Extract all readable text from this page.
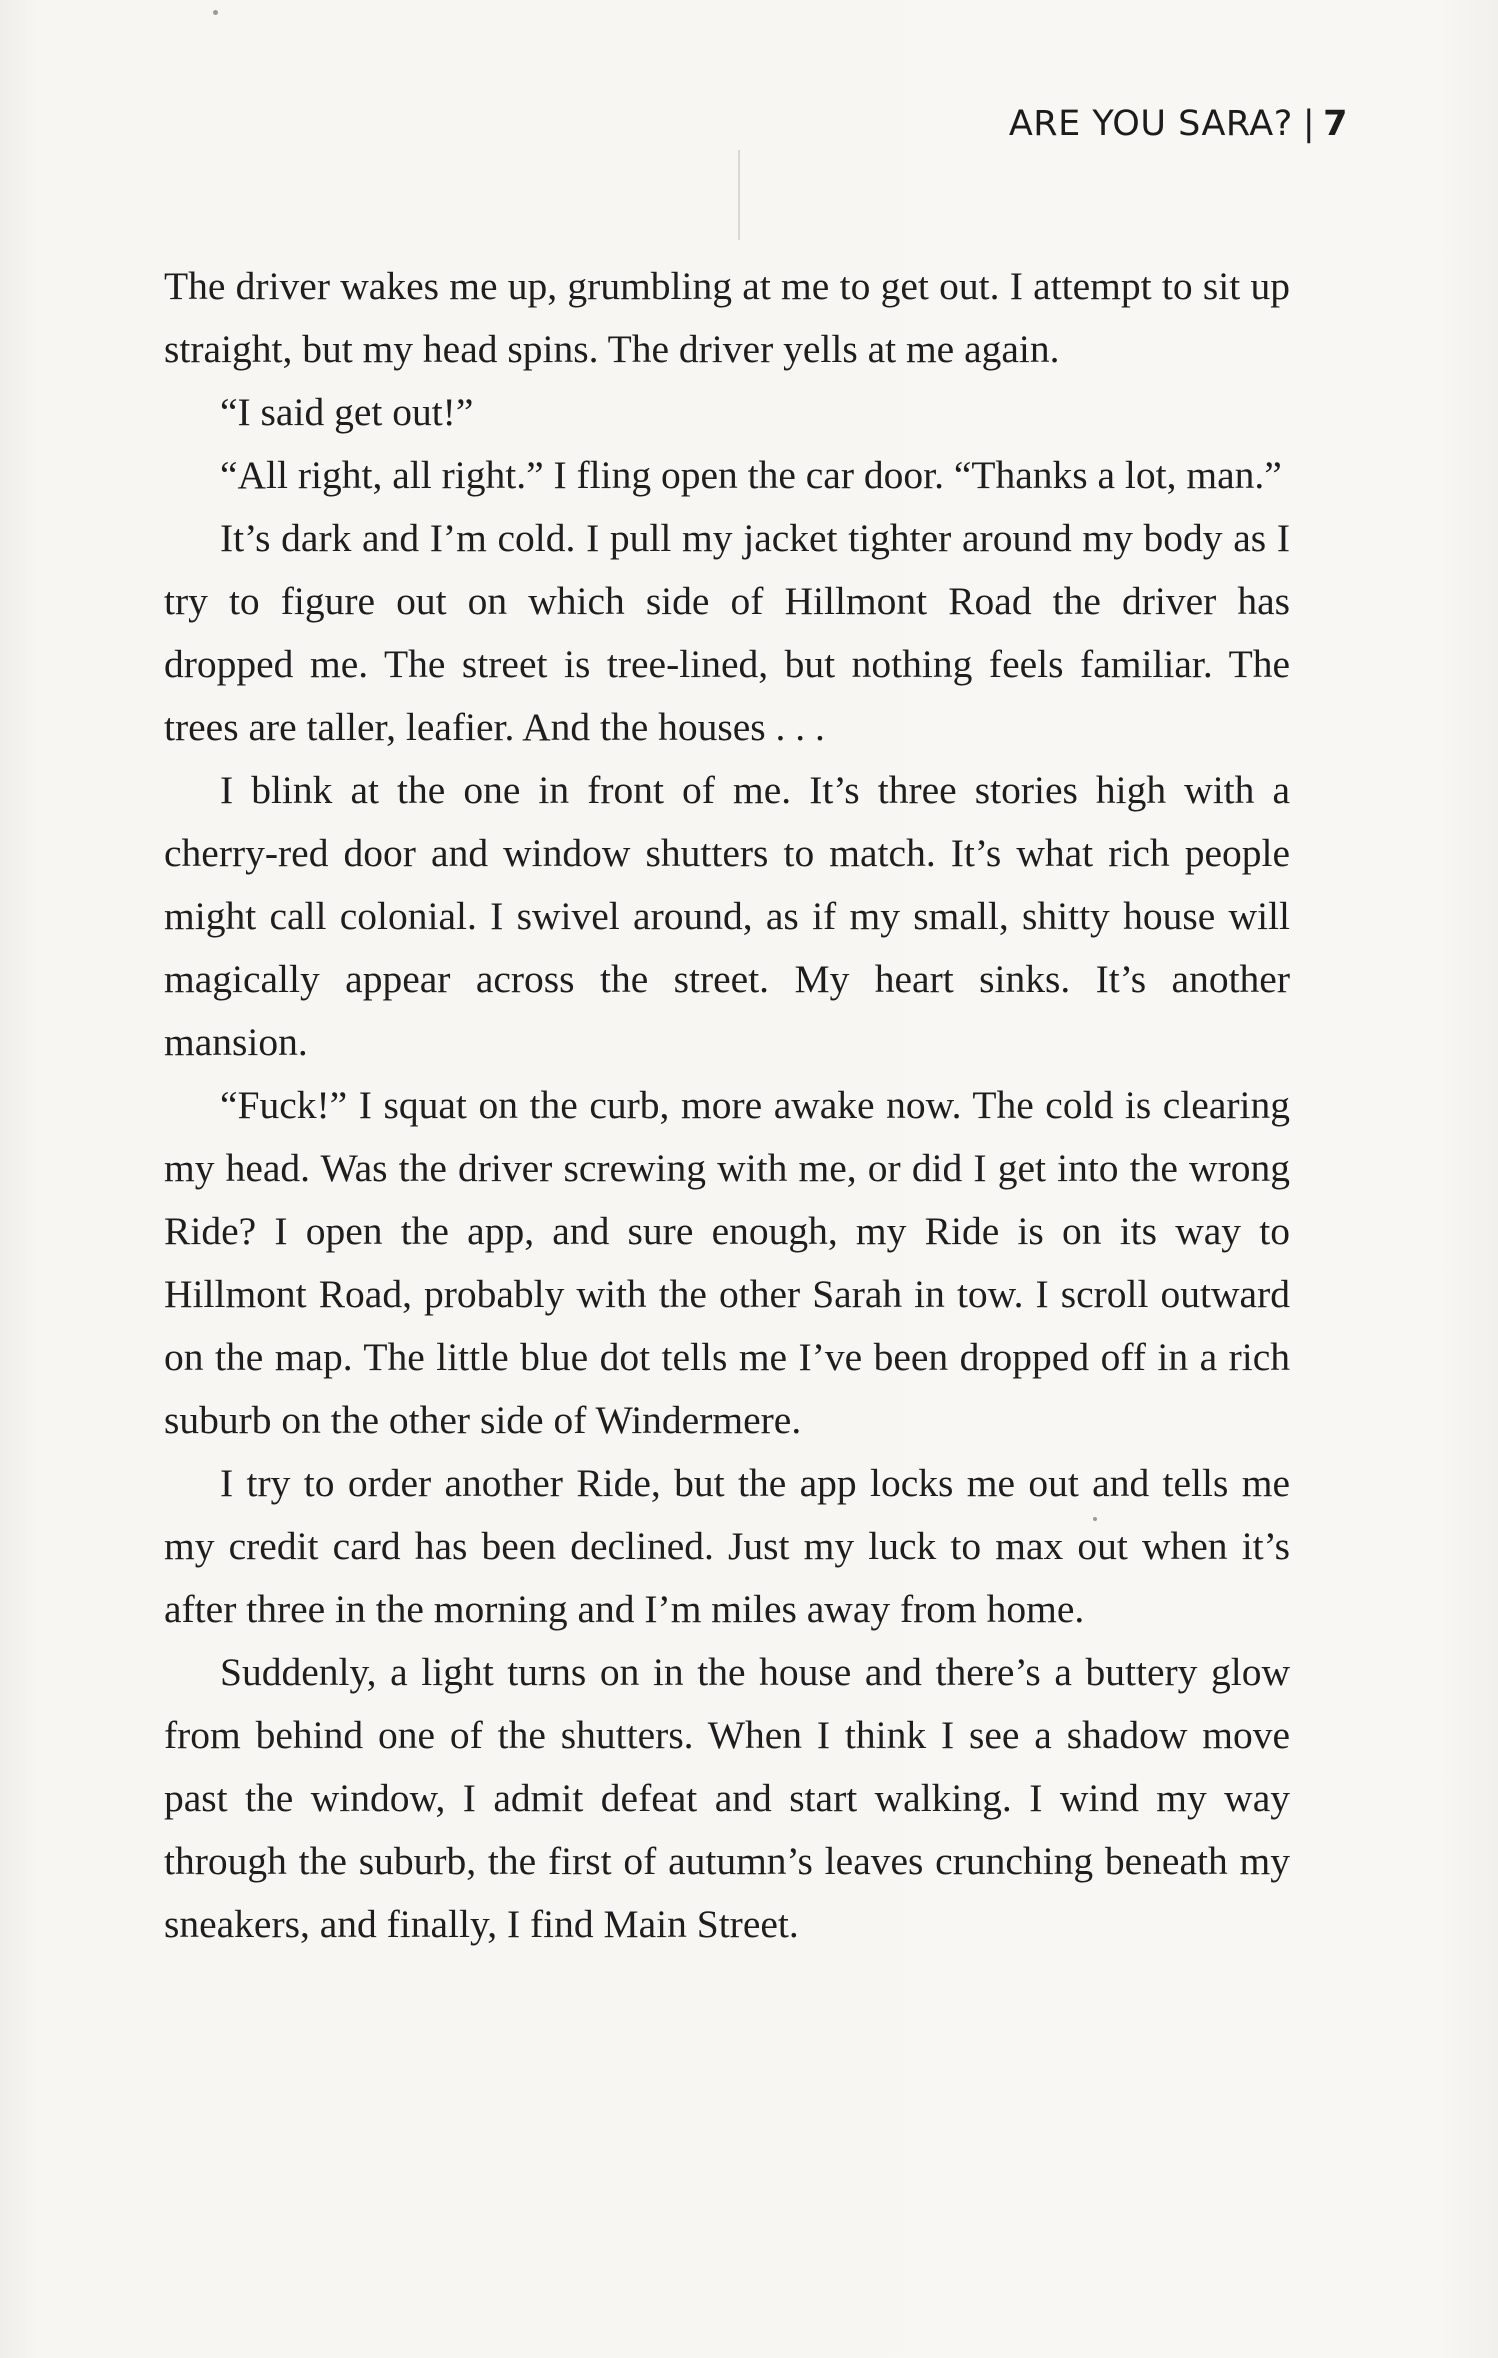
ARE YOU SARA? | 7

The driver wakes me up, grumbling at me to get out. I attempt to sit up straight, but my head spins. The driver yells at me again.

“I said get out!”

“All right, all right.” I fling open the car door. “Thanks a lot, man.”

It’s dark and I’m cold. I pull my jacket tighter around my body as I try to figure out on which side of Hillmont Road the driver has dropped me. The street is tree-lined, but nothing feels familiar. The trees are taller, leafier. And the houses . . .

I blink at the one in front of me. It’s three stories high with a cherry-red door and window shutters to match. It’s what rich people might call colonial. I swivel around, as if my small, shitty house will magically appear across the street. My heart sinks. It’s another mansion.

“Fuck!” I squat on the curb, more awake now. The cold is clearing my head. Was the driver screwing with me, or did I get into the wrong Ride? I open the app, and sure enough, my Ride is on its way to Hillmont Road, probably with the other Sarah in tow. I scroll outward on the map. The little blue dot tells me I’ve been dropped off in a rich suburb on the other side of Windermere.

I try to order another Ride, but the app locks me out and tells me my credit card has been declined. Just my luck to max out when it’s after three in the morning and I’m miles away from home.

Suddenly, a light turns on in the house and there’s a buttery glow from behind one of the shutters. When I think I see a shadow move past the window, I admit defeat and start walking. I wind my way through the suburb, the first of autumn’s leaves crunching beneath my sneakers, and finally, I find Main Street.
